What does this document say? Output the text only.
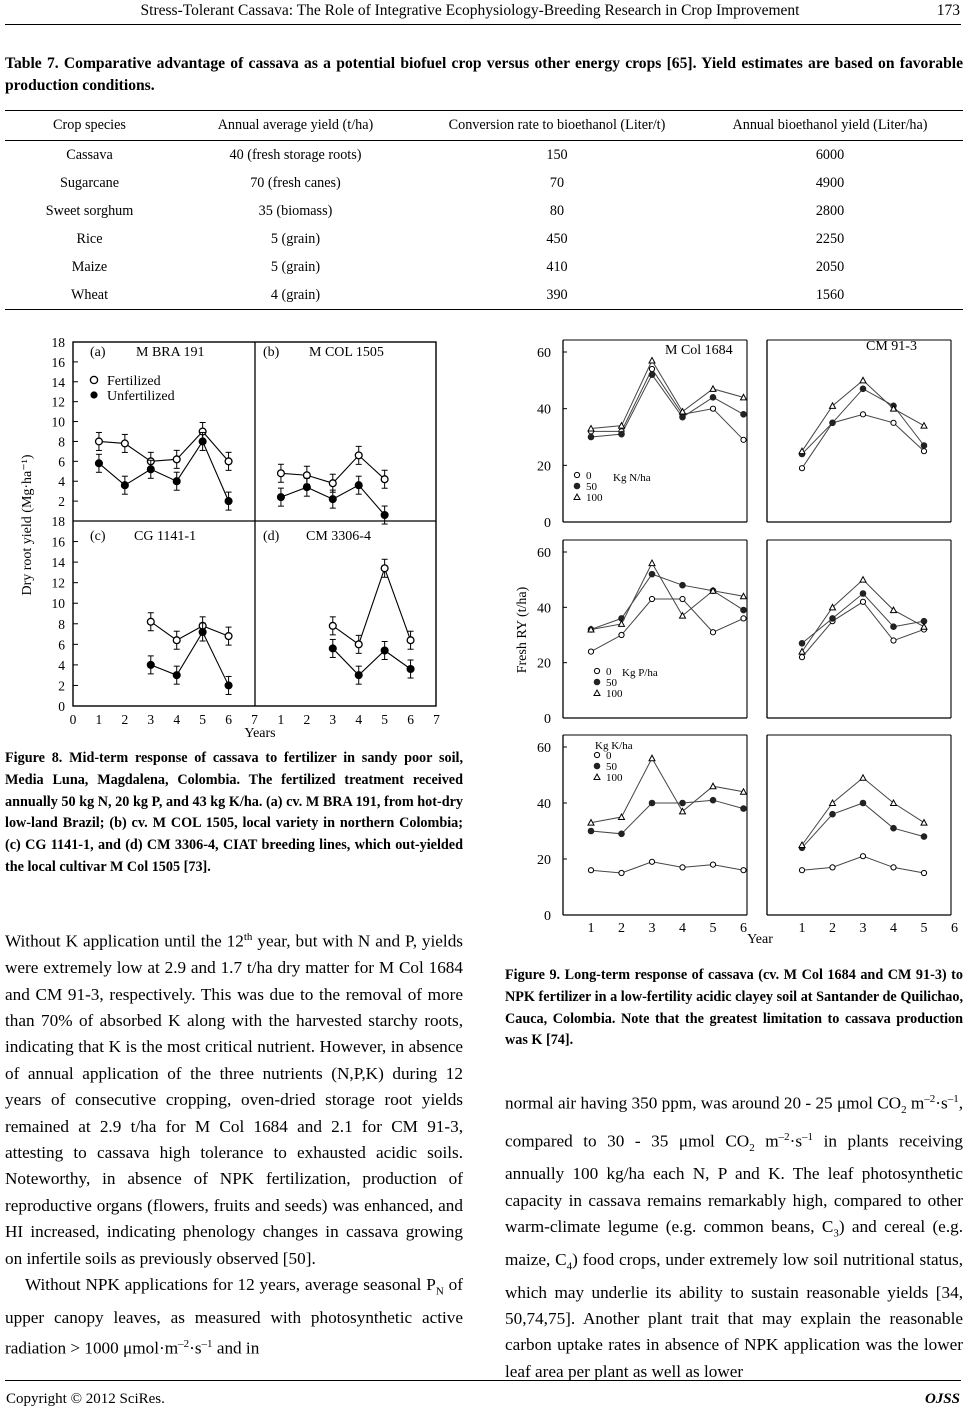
Stress-Tolerant Cassava: The Role of Integrative Ecophysiology-Breeding Research in Crop Improvement	173
Table 7. Comparative advantage of cassava as a potential biofuel crop versus other energy crops [65]. Yield estimates are based on favorable production conditions.
Crop species	Annual average yield (t/ha)	Conversion rate to bioethanol (Liter/t)	Annual bioethanol yield (Liter/ha)
Cassava	40 (fresh storage roots)	150	6000
Sugarcane	70 (fresh canes)	70	4900
Sweet sorghum	35 (biomass)	80	2800
Rice	5 (grain)	450	2250
Maize	5 (grain)	410	2050
Wheat	4 (grain)	390	1560
18
18
16
16
14
14
12
12
10
10
8
8
6
6
4
4
2
2
0
0 1 2 3 4 5 6 7 1 2 3 4 5 6 7
Dry root yield (Mg·ha⁻¹)
Years
(a) M BRA 191	(b) M COL 1505
(c) CG 1141-1	(d) CM 3306-4
Fertilized
Unfertilized
Figure 8. Mid-term response of cassava to fertilizer in sandy poor soil, Media Luna, Magdalena, Colombia. The fertilized treatment received annually 50 kg N, 20 kg P, and 43 kg K/ha. (a) cv. M BRA 191, from hot-dry low-land Brazil; (b) cv. M COL 1505, local variety in northern Colombia; (c) CG 1141-1, and (d) CM 3306-4, CIAT breeding lines, which out-yielded the local cultivar M Col 1505 [73].
60
40
20
0
60
40
20
0
60
40
20
0
1	1
2	2
3	3
4	4
5	5
6	6
Fresh RY (t/ha)
Year
M Col 1684	CM 91-3
Kg N/ha
Kg P/ha
Kg K/ha
0
50
100
0
50
100
0
50
100
Figure 9. Long-term response of cassava (cv. M Col 1684 and CM 91-3) to NPK fertilizer in a low-fertility acidic clayey soil at Santander de Quilichao, Cauca, Colombia. Note that the greatest limitation to cassava production was K [74].
Without K application until the 12th year, but with N and P, yields were extremely low at 2.9 and 1.7 t/ha dry matter for M Col 1684 and CM 91-3, respectively. This was due to the removal of more than 70% of absorbed K along with the harvested starchy roots, indicating that K is the most critical nutrient. However, in absence of annual application of the three nutrients (N,P,K) during 12 years of consecutive cropping, oven-dried storage root yields remained at 2.9 t/ha for M Col 1684 and 2.1 for CM 91-3, attesting to cassava high tolerance to exhausted acidic soils. Noteworthy, in absence of NPK fertilization, production of reproductive organs (flowers, fruits and seeds) was enhanced, and HI increased, indicating phenology changes in cassava growing on infertile soils as previously observed [50].
Without NPK applications for 12 years, average seasonal $P_N$ of upper canopy leaves, as measured with photosynthetic active radiation > 1000 $\mu mol\cdot m^{-2}\cdot s^{-1}$ and in
normal air having 350 ppm, was around 20 - 25 μmol $CO_2$ $m^{-2}\cdot s^{-1}$, compared to 30 - 35 μmol $CO_2$ $m^{-2}\cdot s^{-1}$ in plants receiving annually 100 kg/ha each N, P and K. The leaf photosynthetic capacity in cassava remains remarkably high, compared to other warm-climate legume (e.g. common beans, $C_3$) and cereal (e.g. maize, $C_4$) food crops, under extremely low soil nutritional status, which may underlie its ability to sustain reasonable yields [34, 50,74,75]. Another plant trait that may explain the reasonable carbon uptake rates in absence of NPK application was the lower leaf area per plant as well as lower
Copyright © 2012 SciRes.	OJSS
